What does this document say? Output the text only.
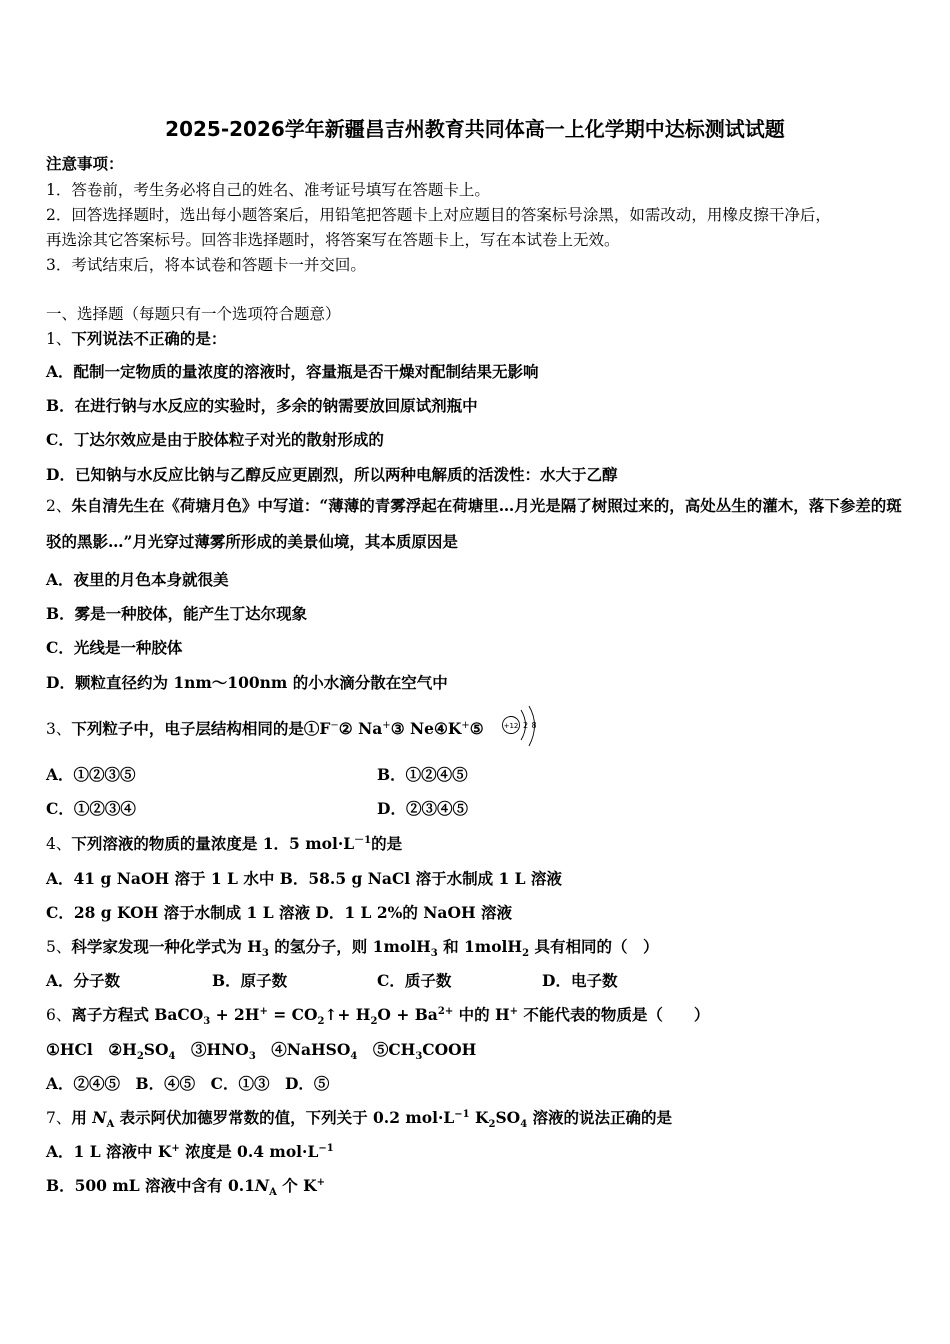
2025-2026学年新疆昌吉州教育共同体高一上化学期中达标测试试题
注意事项：
1．答卷前，考生务必将自己的姓名、准考证号填写在答题卡上。
2．回答选择题时，选出每小题答案后，用铅笔把答题卡上对应题目的答案标号涂黑，如需改动，用橡皮擦干净后，
再选涂其它答案标号。回答非选择题时，将答案写在答题卡上，写在本试卷上无效。
3．考试结束后，将本试卷和答题卡一并交回。
一、选择题（每题只有一个选项符合题意）
1、下列说法不正确的是：
A．配制一定物质的量浓度的溶液时，容量瓶是否干燥对配制结果无影响
B．在进行钠与水反应的实验时，多余的钠需要放回原试剂瓶中
C．丁达尔效应是由于胶体粒子对光的散射形成的
D．已知钠与水反应比钠与乙醇反应更剧烈，所以两种电解质的活泼性：水大于乙醇
2、朱自清先生在《荷塘月色》中写道：“薄薄的青雾浮起在荷塘里…月光是隔了树照过来的，高处丛生的灌木，落下参差的斑驳的黑影…”月光穿过薄雾所形成的美景仙境，其本质原因是
A．夜里的月色本身就很美
B．雾是一种胶体，能产生丁达尔现象
C．光线是一种胶体
D．颗粒直径约为 1nm～100nm 的小水滴分散在空气中
3、下列粒子中，电子层结构相同的是①F−② Na+③ Ne④K+⑤	+12 2 8
A．①②③⑤	B．①②④⑤
C．①②③④	D．②③④⑤
4、下列溶液的物质的量浓度是 1．5 $mol\cdot L^{-1}$的是
A．41 g NaOH 溶于 1 L 水中 B．58.5 g NaCl 溶于水制成 1 L 溶液
C．28 g KOH 溶于水制成 1 L 溶液 D．1 L 2%的 NaOH 溶液
5、科学家发现一种化学式为 $H_3$ 的氢分子，则 1molH$_3$ 和 1molH$_2$ 具有相同的（　）
A．分子数	B．原子数	C．质子数	D．电子数
6、离子方程式 BaCO$_3$ + $2H^+ = CO_2↑+ H_2O + Ba^{2+}$ 中的 H+ 不能代表的物质是（　　）
①HCl　 $②H_2SO_4$　 $③HNO_3$　 ④NaHSO$_4$　 $⑤CH_3COOH$
A．②④⑤　B．④⑤　C．①③　D．⑤
7、用 $N_A$ 表示阿伏加德罗常数的值，下列关于 0.2 $mol\cdot L^{-1}$ $K_2SO_4$ 溶液的说法正确的是
A．1 L 溶液中 K+ 浓度是 0.4 $mol\cdot L^{-1}$
B．500 mL 溶液中含有 $0.1N_A$ 个 K+
